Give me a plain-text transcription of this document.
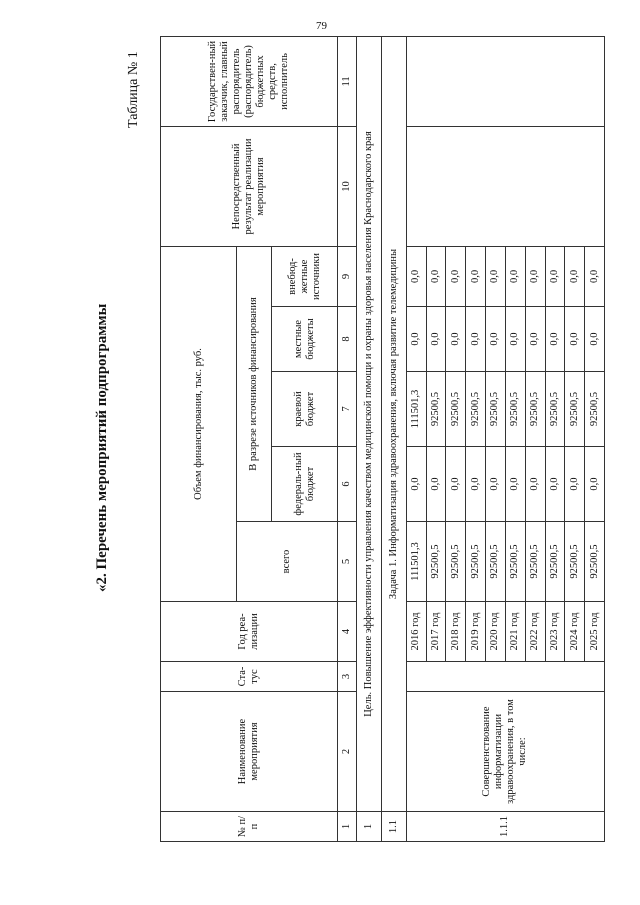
79
«2. Перечень мероприятий подпрограммы
Таблица № 1
№ п/п	Наименование мероприятия	Ста-тус	Год реа-лизации	Объем финансирования, тыс. руб.					Непосредственный результат реализации мероприятия	Государствен-ный заказчик, главный распорядитель (распорядитель) бюджетных средств, исполнитель
				всего	В разрезе источников финансирования					
					федераль-ный бюджет	краевой бюджет	местные бюджеты	внебюд-жетные источники		
1	2	3	4	5	6	7	8	9	10	11
1	Цель. Повышение эффективности управления качеством медицинской помощи и охраны здоровья населения Краснодарского края									
1.1	Задача 1. Информатизация здравоохранения, включая развитие телемедицины									
1.1.1	Совершенствование информатизации здравоохранения, в том числе:		2016 год	111501,3	0,0	111501,3	0,0	0,0		
			2017 год	92500,5	0,0	92500,5	0,0	0,0		
			2018 год	92500,5	0,0	92500,5	0,0	0,0		
			2019 год	92500,5	0,0	92500,5	0,0	0,0		
			2020 год	92500,5	0,0	92500,5	0,0	0,0		
			2021 год	92500,5	0,0	92500,5	0,0	0,0		
			2022 год	92500,5	0,0	92500,5	0,0	0,0		
			2023 год	92500,5	0,0	92500,5	0,0	0,0		
			2024 год	92500,5	0,0	92500,5	0,0	0,0		
			2025 год	92500,5	0,0	92500,5	0,0	0,0		
